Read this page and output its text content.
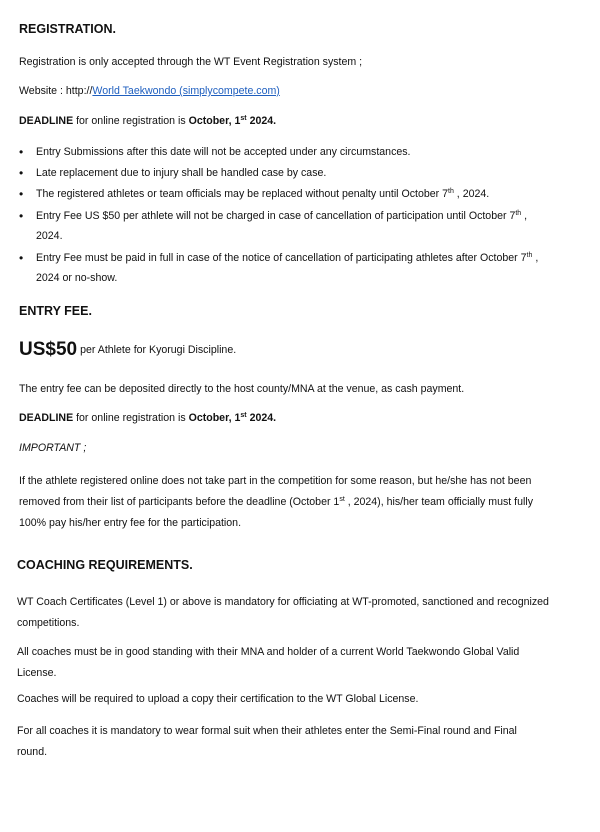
REGISTRATION.
Registration is only accepted through the WT Event Registration system ;
Website : http://World Taekwondo (simplycompete.com)
DEADLINE for online registration is October, 1st 2024.
• Entry Submissions after this date will not be accepted under any circumstances.
• Late replacement due to injury shall be handled case by case.
• The registered athletes or team officials may be replaced without penalty until October 7th , 2024.
• Entry Fee US $50 per athlete will not be charged in case of cancellation of participation until October 7th ,
2024.
• Entry Fee must be paid in full in case of the notice of cancellation of participating athletes after October 7th ,
2024 or no-show.
ENTRY FEE.
US$50 per Athlete for Kyorugi Discipline.
The entry fee can be deposited directly to the host county/MNA at the venue, as cash payment.
DEADLINE for online registration is October, 1st 2024.
IMPORTANT ;
If the athlete registered online does not take part in the competition for some reason, but he/she has not been
removed from their list of participants before the deadline (October 1st , 2024), his/her team officially must fully
100% pay his/her entry fee for the participation.
COACHING REQUIREMENTS.
WT Coach Certificates (Level 1) or above is mandatory for officiating at WT-promoted, sanctioned and recognized
competitions.
All coaches must be in good standing with their MNA and holder of a current World Taekwondo Global Valid
License.
Coaches will be required to upload a copy their certification to the WT Global License.
For all coaches it is mandatory to wear formal suit when their athletes enter the Semi-Final round and Final
round.
